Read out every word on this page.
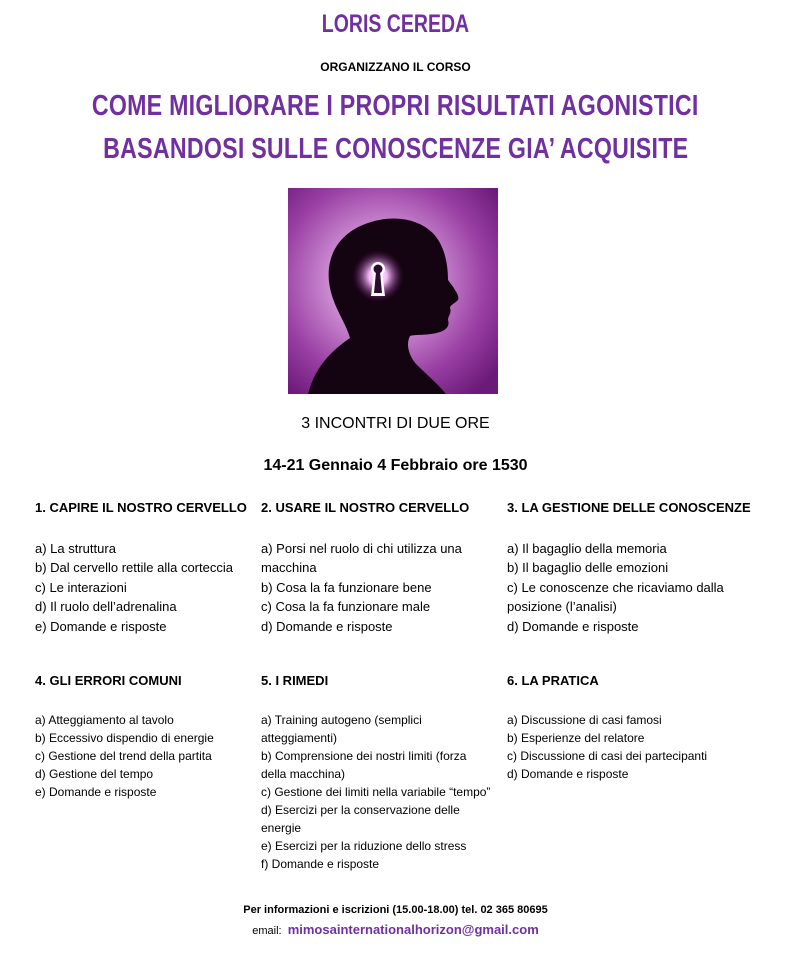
LORIS CEREDA
ORGANIZZANO IL CORSO
COME MIGLIORARE I PROPRI RISULTATI AGONISTICI
BASANDOSI SULLE CONOSCENZE GIA’ ACQUISITE
3 INCONTRI DI DUE ORE
14-21 Gennaio 4 Febbraio ore 1530
1. CAPIRE IL NOSTRO CERVELLO
a) La struttura
b) Dal cervello rettile alla corteccia
c) Le interazioni
d) Il ruolo dell’adrenalina
e) Domande e risposte
2. USARE IL NOSTRO CERVELLO
a) Porsi nel ruolo di chi utilizza una macchina
b) Cosa la fa funzionare bene
c) Cosa la fa funzionare male
d) Domande e risposte
3. LA GESTIONE DELLE CONOSCENZE
a) Il bagaglio della memoria
b) Il bagaglio delle emozioni
c) Le conoscenze che ricaviamo dalla posizione (l’analisi)
d) Domande e risposte
4. GLI ERRORI COMUNI
a) Atteggiamento al tavolo
b) Eccessivo dispendio di energie
c) Gestione del trend della partita
d) Gestione del tempo
e) Domande e risposte
5. I RIMEDI
a) Training autogeno (semplici atteggiamenti)
b) Comprensione dei nostri limiti (forza della macchina)
c) Gestione dei limiti nella variabile “tempo”
d) Esercizi per la conservazione delle energie
e) Esercizi per la riduzione dello stress
f) Domande e risposte
6. LA PRATICA
a) Discussione di casi famosi
b) Esperienze del relatore
c) Discussione di casi dei partecipanti
d) Domande e risposte
Per informazioni e iscrizioni (15.00-18.00) tel. 02 365 80695
email: mimosainternationalhorizon@gmail.com
